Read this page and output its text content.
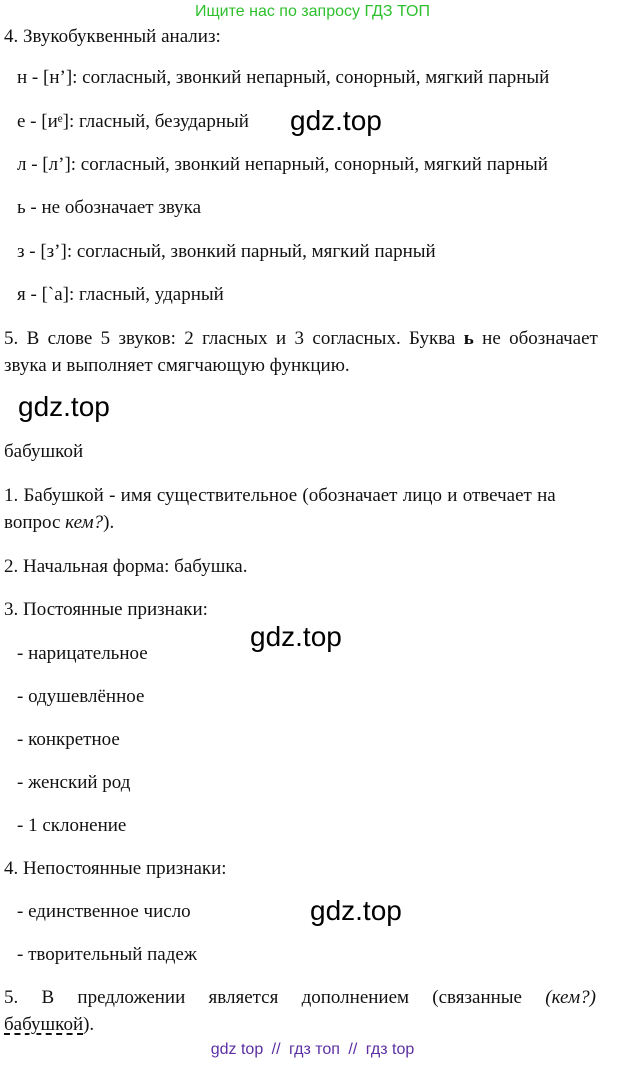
Ищите нас по запросу ГДЗ ТОП
4. Звукобуквенный анализ:
н - [н’]: согласный, звонкий непарный, сонорный, мягкий парный
е - [иᵉ]: гласный, безударный
л - [л’]: согласный, звонкий непарный, сонорный, мягкий парный
ь - не обозначает звука
з - [з’]: согласный, звонкий парный, мягкий парный
я - [`а]: гласный, ударный
gdz.top
5. В слове 5 звуков: 2 гласных и 3 согласных. Буква ь не обозначает
звука и выполняет смягчающую функцию.
gdz.top
бабушкой
1. Бабушкой - имя существительное (обозначает лицо и отвечает на
вопрос кем?).
2. Начальная форма: бабушка.
3. Постоянные признаки:
gdz.top
- нарицательное
- одушевлённое
- конкретное
- женский род
- 1 склонение
4. Непостоянные признаки:
- единственное число
- творительный падеж
gdz.top
5. В предложении является дополнением (связанные (кем?)
бабушкой).
gdz top // гдз топ // гдз top
